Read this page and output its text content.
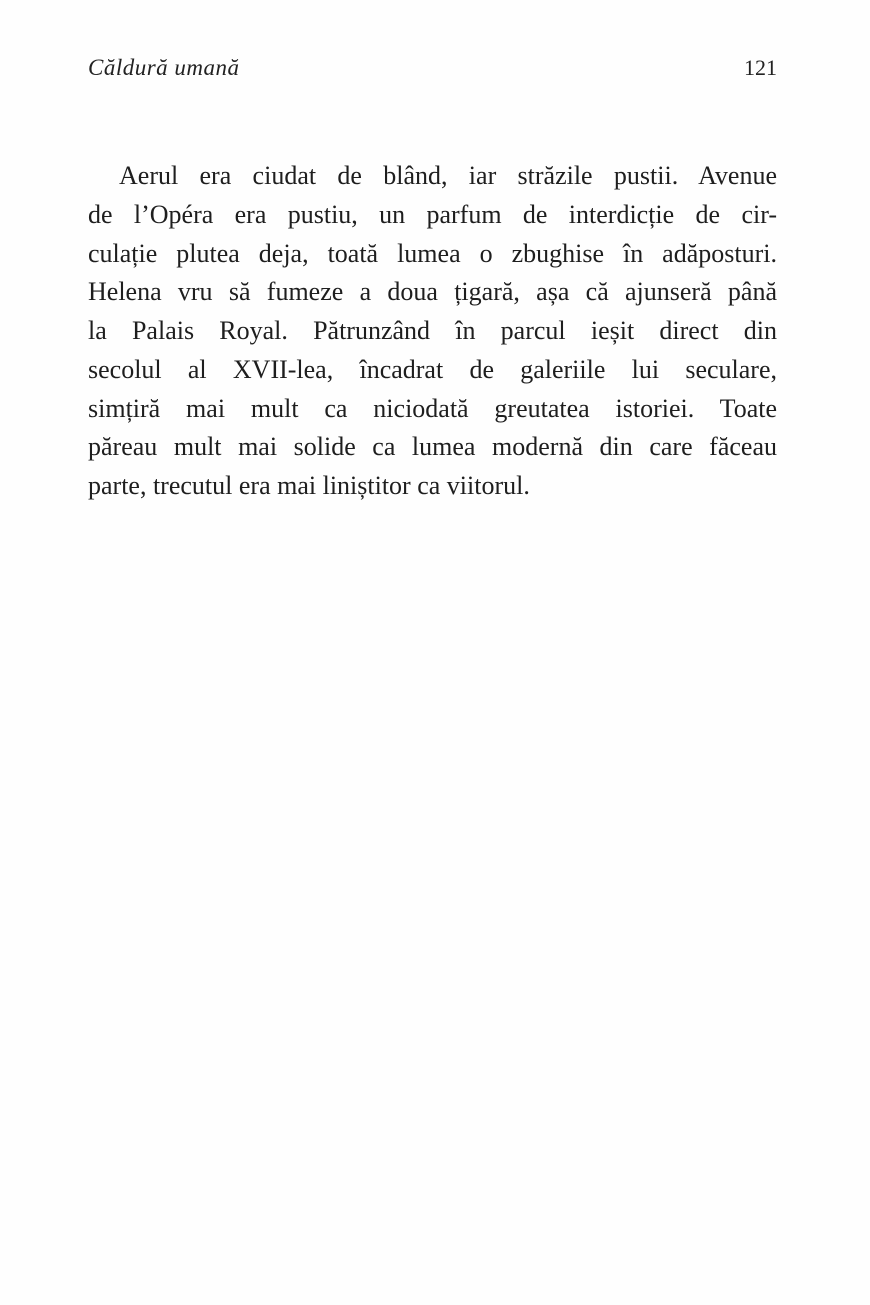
Căldură umană	121
Aerul era ciudat de blând, iar străzile pustii. Avenue
de l’Opéra era pustiu, un parfum de interdicție de cir-
culație plutea deja, toată lumea o zbughise în adăposturi.
Helena vru să fumeze a doua țigară, așa că ajunseră până
la Palais Royal. Pătrunzând în parcul ieșit direct din
secolul al XVII-lea, încadrat de galeriile lui seculare,
simțiră mai mult ca niciodată greutatea istoriei. Toate
păreau mult mai solide ca lumea modernă din care făceau
parte, trecutul era mai liniștitor ca viitorul.
